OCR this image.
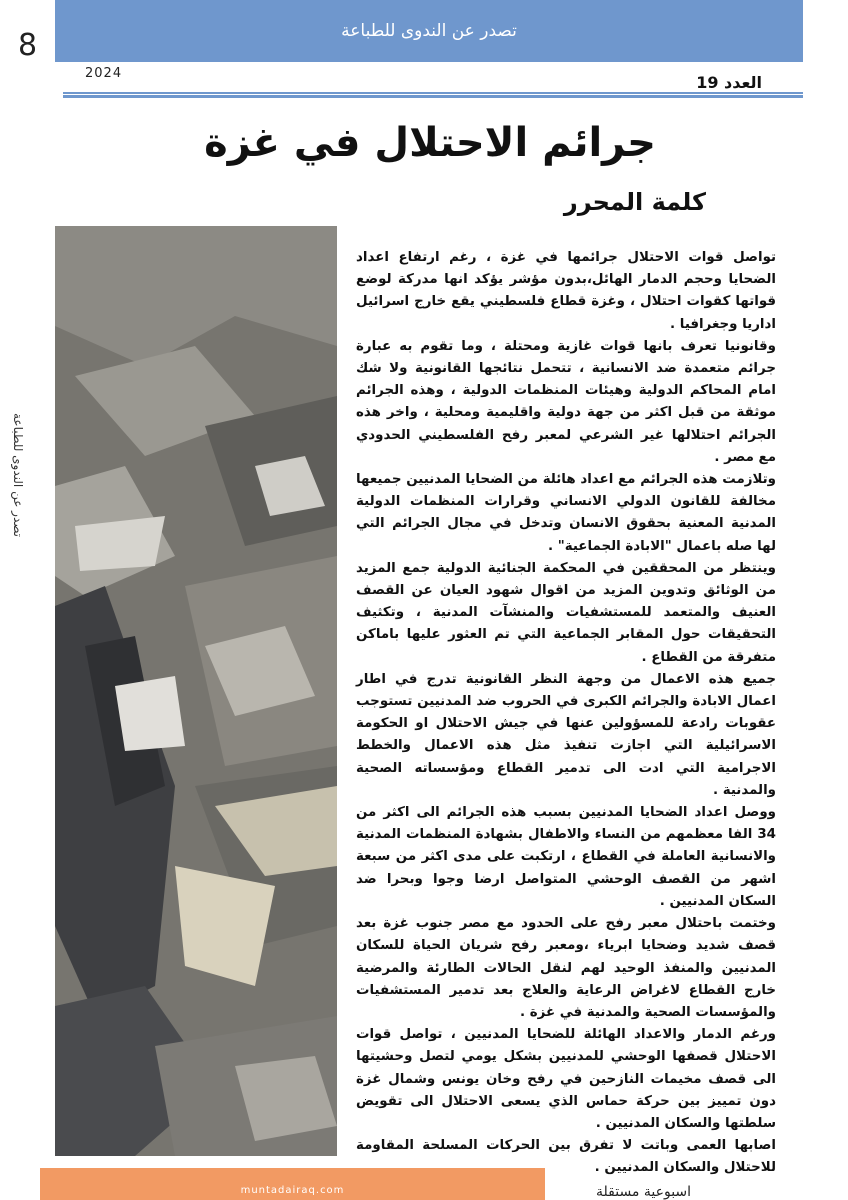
8	تصدر عن الندوى للطباعة
2024	العدد 19
جرائم الاحتلال في غزة
كلمة المحرر
تصدر عن الندوى للطباعة

تواصل قوات الاحتلال جرائمها في غزة ، رغم ارتفاع اعداد الضحايا وحجم الدمار الهائل،بدون مؤشر يؤكد انها مدركة لوضع قواتها كقوات احتلال ، وغزة قطاع فلسطيني يقع خارج اسرائيل اداريا وجغرافيا .

وقانونيا تعرف بانها قوات غازية ومحتلة ، وما تقوم به عبارة جرائم متعمدة ضد الانسانية ، تتحمل نتائجها القانونية ولا شك امام المحاكم الدولية وهيئات المنظمات الدولية ، وهذه الجرائم موثقة من قبل اكثر من جهة دولية واقليمية ومحلية ، واخر هذه الجرائم احتلالها غير الشرعي لمعبر رفح الفلسطيني الحدودي مع مصر .

وتلازمت هذه الجرائم مع اعداد هائلة من الضحايا المدنيين جميعها مخالفة للقانون الدولي الانساني وقرارات المنظمات الدولية المدنية المعنية بحقوق الانسان وتدخل في مجال الجرائم التي لها صله باعمال "الابادة الجماعية" .

وينتظر من المحققين في المحكمة الجنائية الدولية جمع المزيد من الوثائق وتدوين المزيد من اقوال شهود العيان عن القصف العنيف والمتعمد للمستشفيات والمنشآت المدنية ، وتكثيف التحقيقات حول المقابر الجماعية التي تم العثور عليها باماكن متفرقة من القطاع .

جميع هذه الاعمال من وجهة النظر القانونية تدرج في اطار اعمال الابادة والجرائم الكبرى في الحروب ضد المدنيين تستوجب عقوبات رادعة للمسؤولين عنها في جيش الاحتلال او الحكومة الاسرائيلية التي اجازت تنفيذ مثل هذه الاعمال والخطط الاجرامية التي ادت الى تدمير القطاع ومؤسساته الصحية والمدنية .

ووصل اعداد الضحايا المدنيين بسبب هذه الجرائم الى اكثر من 34 الفا معظمهم من النساء والاطفال بشهادة المنظمات المدنية والانسانية العاملة في القطاع ، ارتكبت على مدى اكثر من سبعة اشهر من القصف الوحشي المتواصل ارضا وجوا وبحرا ضد السكان المدنيين .

وختمت باحتلال معبر رفح على الحدود مع مصر جنوب غزة بعد قصف شديد وضحايا ابرياء ،ومعبر رفح شريان الحياة للسكان المدنيين والمنفذ الوحيد لهم لنقل الحالات الطارئة والمرضية خارج القطاع لاغراض الرعاية والعلاج بعد تدمير المستشفيات والمؤسسات الصحية والمدنية في غزة .

ورغم الدمار والاعداد الهائلة للضحايا المدنيين ، تواصل قوات الاحتلال قصفها الوحشي للمدنيين بشكل يومي لتصل وحشيتها الى قصف مخيمات النازحين في رفح وخان يونس وشمال غزة دون تمييز بين حركة حماس الذي يسعى الاحتلال الى تقويض سلطتها والسكان المدنيين .

اصابها العمى وباتت لا تفرق بين الحركات المسلحة المقاومة للاحتلال والسكان المدنيين .

muntadairaq.com	اسبوعية مستقلة
